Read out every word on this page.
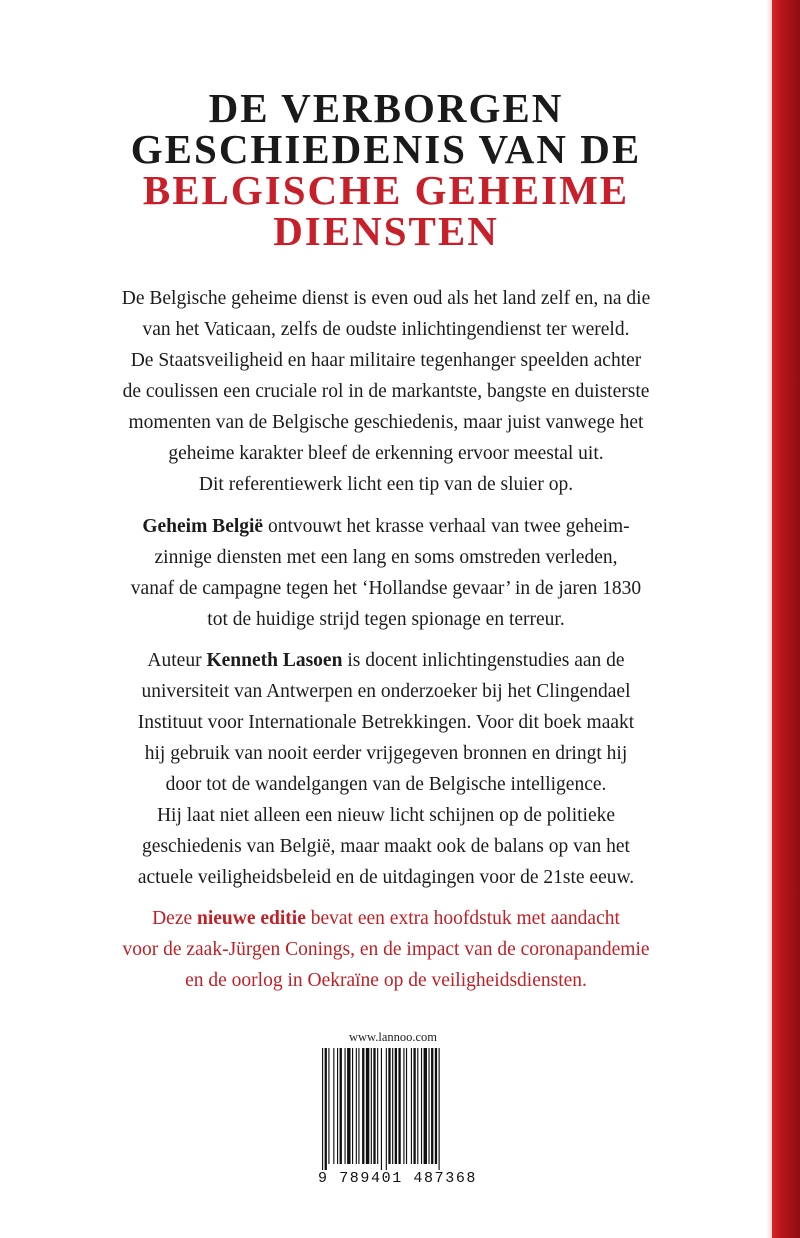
DE VERBORGEN
GESCHIEDENIS VAN DE
BELGISCHE GEHEIME
DIENSTEN

De Belgische geheime dienst is even oud als het land zelf en, na die
van het Vaticaan, zelfs de oudste inlichtingendienst ter wereld.
De Staatsveiligheid en haar militaire tegenhanger speelden achter
de coulissen een cruciale rol in de markantste, bangste en duisterste
momenten van de Belgische geschiedenis, maar juist vanwege het
geheime karakter bleef de erkenning ervoor meestal uit.
Dit referentiewerk licht een tip van de sluier op.

Geheim België ontvouwt het krasse verhaal van twee geheim-
zinnige diensten met een lang en soms omstreden verleden,
vanaf de campagne tegen het ‘Hollandse gevaar’ in de jaren 1830
tot de huidige strijd tegen spionage en terreur.

Auteur Kenneth Lasoen is docent inlichtingenstudies aan de
universiteit van Antwerpen en onderzoeker bij het Clingendael
Instituut voor Internationale Betrekkingen. Voor dit boek maakt
hij gebruik van nooit eerder vrijgegeven bronnen en dringt hij
door tot de wandelgangen van de Belgische intelligence.
Hij laat niet alleen een nieuw licht schijnen op de politieke
geschiedenis van België, maar maakt ook de balans op van het
actuele veiligheidsbeleid en de uitdagingen voor de 21ste eeuw.

Deze nieuwe editie bevat een extra hoofdstuk met aandacht
voor de zaak-Jürgen Conings, en de impact van de coronapandemie
en de oorlog in Oekraïne op de veiligheidsdiensten.

www.lannoo.com
9 789401 487368
